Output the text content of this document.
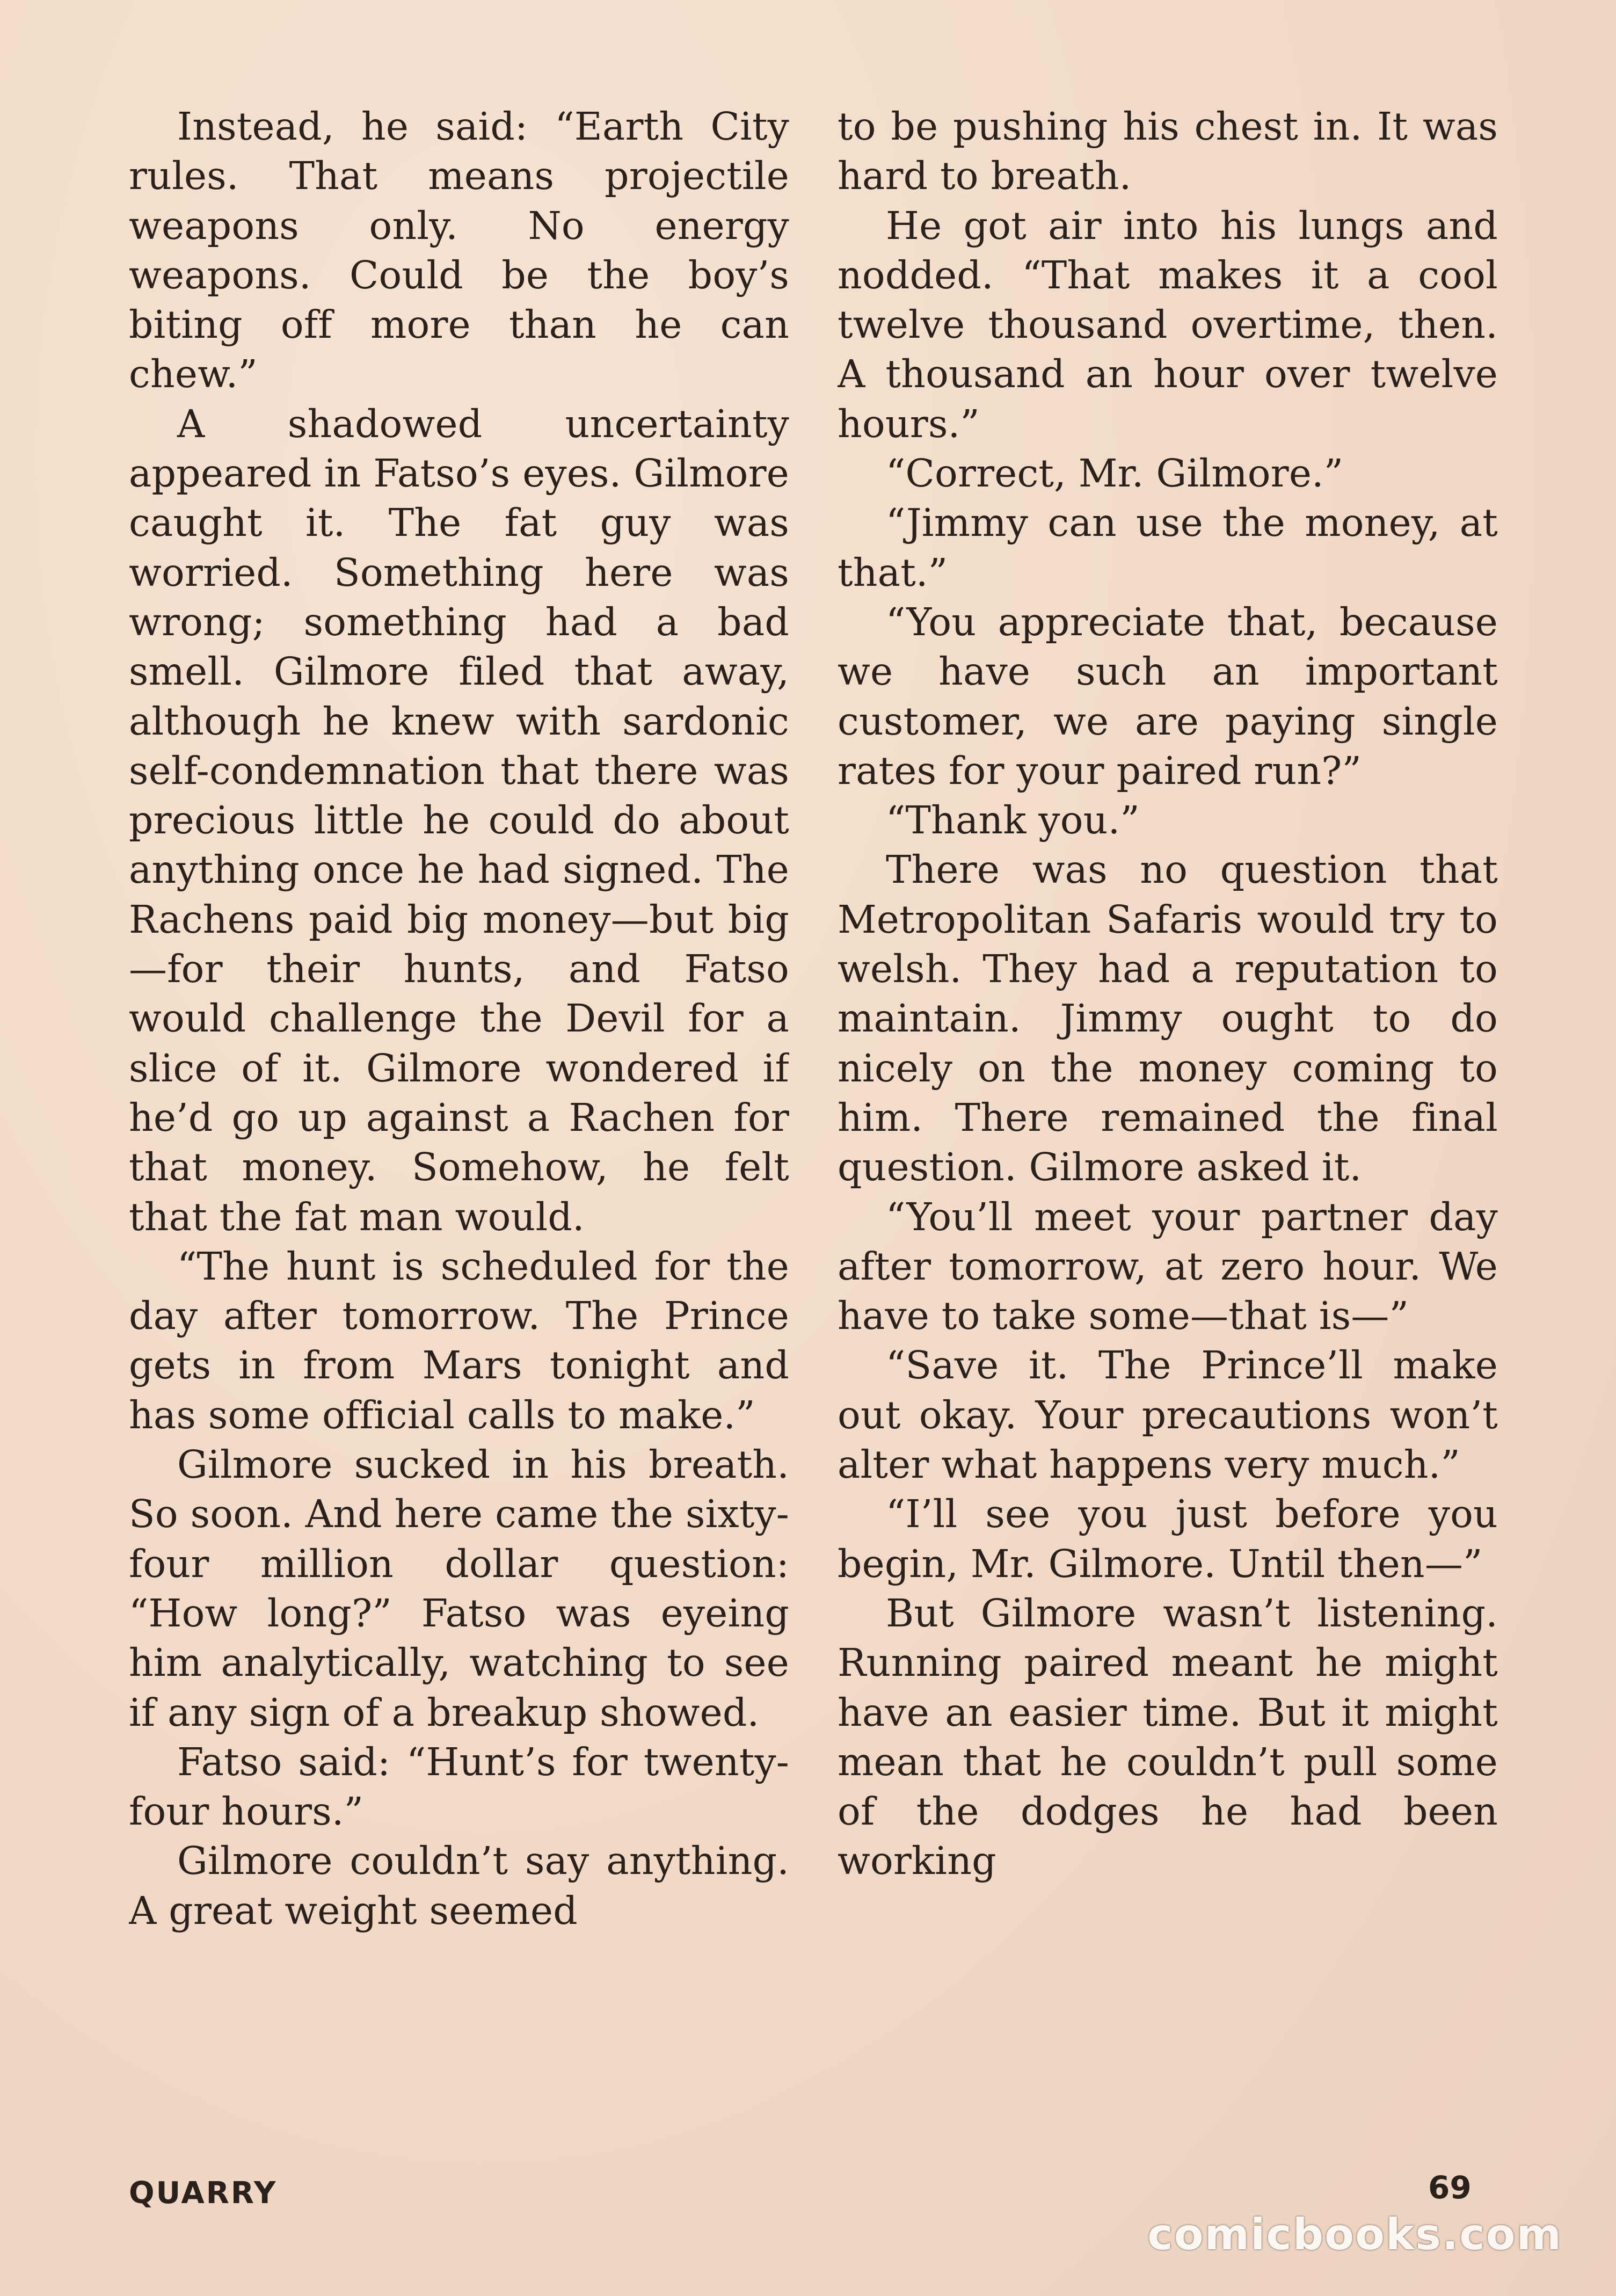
Instead, he said: “Earth City rules. That means projectile weapons only. No energy weapons. Could be the boy’s biting off more than he can chew.”

A shadowed uncertainty appeared in Fatso’s eyes. Gilmore caught it. The fat guy was worried. Something here was wrong; something had a bad smell. Gilmore filed that away, although he knew with sardonic self-condemnation that there was precious little he could do about anything once he had signed. The Rachens paid big money—but big—for their hunts, and Fatso would challenge the Devil for a slice of it. Gilmore wondered if he’d go up against a Rachen for that money. Somehow, he felt that the fat man would.

“The hunt is scheduled for the day after tomorrow. The Prince gets in from Mars tonight and has some official calls to make.”

Gilmore sucked in his breath. So soon. And here came the sixty-four million dollar question: “How long?” Fatso was eyeing him analytically, watching to see if any sign of a breakup showed.

Fatso said: “Hunt’s for twenty-four hours.”

Gilmore couldn’t say anything. A great weight seemed

to be pushing his chest in. It was hard to breath.

He got air into his lungs and nodded. “That makes it a cool twelve thousand overtime, then. A thousand an hour over twelve hours.”

“Correct, Mr. Gilmore.”

“Jimmy can use the money, at that.”

“You appreciate that, because we have such an important customer, we are paying single rates for your paired run?”

“Thank you.”

There was no question that Metropolitan Safaris would try to welsh. They had a reputation to maintain. Jimmy ought to do nicely on the money coming to him. There remained the final question. Gilmore asked it.

“You’ll meet your partner day after tomorrow, at zero hour. We have to take some—that is—”

“Save it. The Prince’ll make out okay. Your precautions won’t alter what happens very much.”

“I’ll see you just before you begin, Mr. Gilmore. Until then—”

But Gilmore wasn’t listening. Running paired meant he might have an easier time. But it might mean that he couldn’t pull some of the dodges he had been working

QUARRY	69
comicbooks.com
